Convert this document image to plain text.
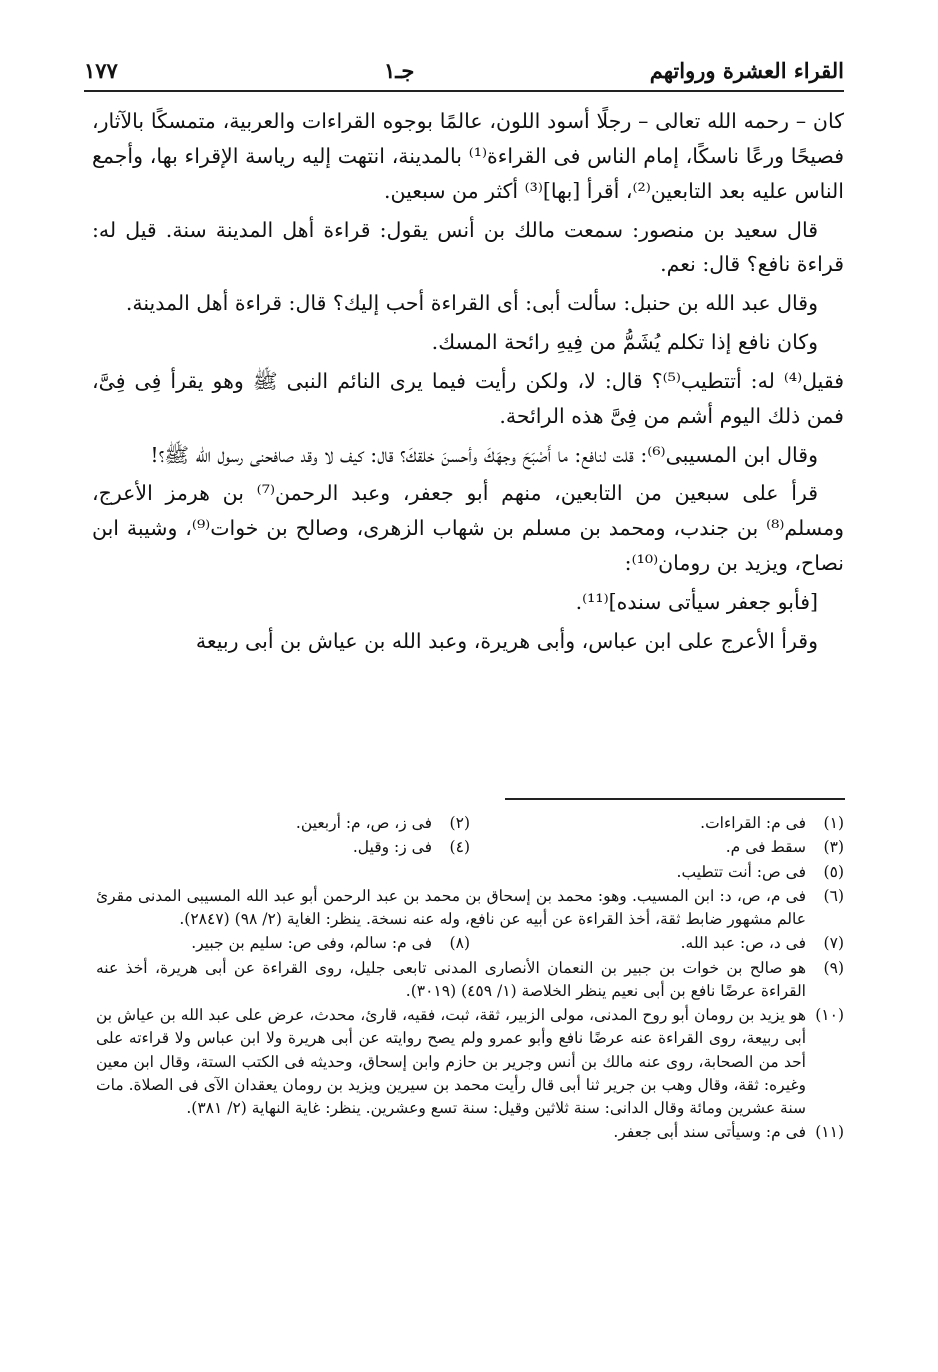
القراء العشرة ورواتهم
جـ١
١٧٧

كان – رحمه الله تعالى – رجلًا أسود اللون، عالمًا بوجوه القراءات والعربية، متمسكًا بالآثار، فصيحًا ورعًا ناسكًا، إمام الناس فى القراءة⁽¹⁾ بالمدينة، انتهت إليه رياسة الإقراء بها، وأجمع الناس عليه بعد التابعين⁽²⁾، أقرأ [بها]⁽³⁾ أكثر من سبعين.

قال سعيد بن منصور: سمعت مالك بن أنس يقول: قراءة أهل المدينة سنة. قيل له: قراءة نافع؟ قال: نعم.

وقال عبد الله بن حنبل: سألت أبى: أى القراءة أحب إليك؟ قال: قراءة أهل المدينة.

وكان نافع إذا تكلم يُشَمُّ من فِيهِ رائحة المسك.

فقيل⁽⁴⁾ له: أتتطيب⁽⁵⁾؟ قال: لا، ولكن رأيت فيما يرى النائم النبى ﷺ وهو يقرأ فِى فِىَّ، فمن ذلك اليوم أشم من فِىَّ هذه الرائحة.

وقال ابن المسيبى⁽⁶⁾: قلت لنافع: ما أَصْبَحَ وجهَكَ وأحسنَ خلقكَ؟ قال: كيف لا وقد صافحنى رسول الله ﷺ؟!

قرأ على سبعين من التابعين، منهم أبو جعفر، وعبد الرحمن⁽⁷⁾ بن هرمز الأعرج، ومسلم⁽⁸⁾ بن جندب، ومحمد بن مسلم بن شهاب الزهرى، وصالح بن خوات⁽⁹⁾، وشيبة ابن نصاح، ويزيد بن رومان⁽¹⁰⁾:

[فأبو جعفر سيأتى سنده]⁽¹¹⁾.

وقرأ الأعرج على ابن عباس، وأبى هريرة، وعبد الله بن عياش بن أبى ربيعة

(١)
فى م: القراءات.
(٢)
فى ز، ص، م: أربعين.
(٣)
سقط فى م.
(٤)
فى ز: وقيل.
(٥)
فى ص: أنت تتطيب.
(٦)
فى م، ص، د: ابن المسيب. وهو: محمد بن إسحاق بن محمد بن عبد الرحمن أبو عبد الله المسيبى المدنى مقرئ عالم مشهور ضابط ثقة، أخذ القراءة عن أبيه عن نافع، وله عنه نسخة. ينظر: الغاية (٢/ ٩٨) (٢٨٤٧).
(٧)
فى د، ص: عبد الله.
(٨)
فى م: سالم، وفى ص: سليم بن جبير.
(٩)
هو صالح بن خوات بن جبير بن النعمان الأنصارى المدنى تابعى جليل، روى القراءة عن أبى هريرة، أخذ عنه القراءة عرضًا نافع بن أبى نعيم ينظر الخلاصة (١/ ٤٥٩) (٣٠١٩).
(١٠)
هو يزيد بن رومان أبو روح المدنى، مولى الزبير، ثقة، ثبت، فقيه، قارئ، محدث، عرض على عبد الله بن عياش بن أبى ربيعة، روى القراءة عنه عرضًا نافع وأبو عمرو ولم يصح روايته عن أبى هريرة ولا ابن عباس ولا قراءته على أحد من الصحابة، روى عنه مالك بن أنس وجرير بن حازم وابن إسحاق، وحديثه فى الكتب الستة، وقال ابن معين وغيره: ثقة، وقال وهب بن جرير ثنا أبى قال رأيت محمد بن سيرين ويزيد بن رومان يعقدان الآى فى الصلاة. مات سنة عشرين ومائة وقال الدانى: سنة ثلاثين وقيل: سنة تسع وعشرين. ينظر: غاية النهاية (٢/ ٣٨١).
(١١)
فى م: وسيأتى سند أبى جعفر.
